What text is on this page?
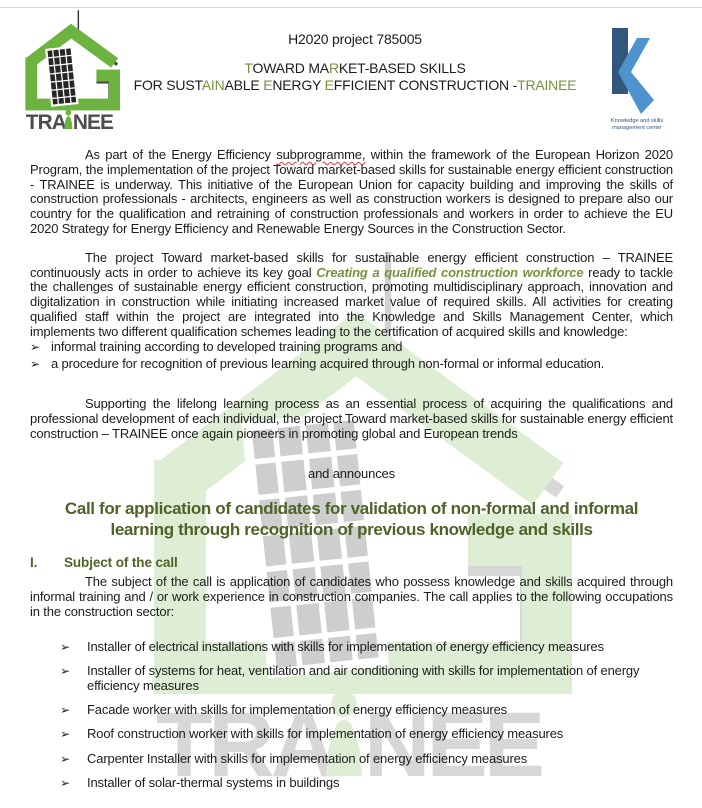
H2020 project 785005
TOWARD MARKET-BASED SKILLS
FOR SUSTAINABLE ENERGY EFFICIENT CONSTRUCTION -TRAINEE
Knowledge and skills
management center

As part of the Energy Efficiency subprogramme, within the framework of the European Horizon 2020 Program, the implementation of the project Toward market-based skills for sustainable energy efficient construction - TRAINEE is underway. This initiative of the European Union for capacity building and improving the skills of construction professionals - architects, engineers as well as construction workers is designed to prepare also our country for the qualification and retraining of construction professionals and workers in order to achieve the EU 2020 Strategy for Energy Efficiency and Renewable Energy Sources in the Construction Sector.

The project Toward market-based skills for sustainable energy efficient construction – TRAINEE continuously acts in order to achieve its key goal Creating a qualified construction workforce ready to tackle the challenges of sustainable energy efficient construction, promoting multidisciplinary approach, innovation and digitalization in construction while initiating increased market value of required skills. All activities for creating qualified staff within the project are integrated into the Knowledge and Skills Management Center, which implements two different qualification schemes leading to the certification of acquired skills and knowledge:

➢ informal training according to developed training programs and
➢ a procedure for recognition of previous learning acquired through non-formal or informal education.

Supporting the lifelong learning process as an essential process of acquiring the qualifications and professional development of each individual, the project Toward market-based skills for sustainable energy efficient construction – TRAINEE once again pioneers in promoting global and European trends

and announces

Call for application of candidates for validation of non-formal and informal
learning through recognition of previous knowledge and skills
I.	Subject of the call

The subject of the call is application of candidates who possess knowledge and skills acquired through informal training and / or work experience in construction companies. The call applies to the following occupations in the construction sector:

➢	Installer of electrical installations with skills for implementation of energy efficiency measures
➢	Installer of systems for heat, ventilation and air conditioning with skills for implementation of energy efficiency measures
➢	Facade worker with skills for implementation of energy efficiency measures
➢	Roof construction worker with skills for implementation of energy efficiency measures
➢	Carpenter Installer with skills for implementation of energy efficiency measures
➢	Installer of solar-thermal systems in buildings
